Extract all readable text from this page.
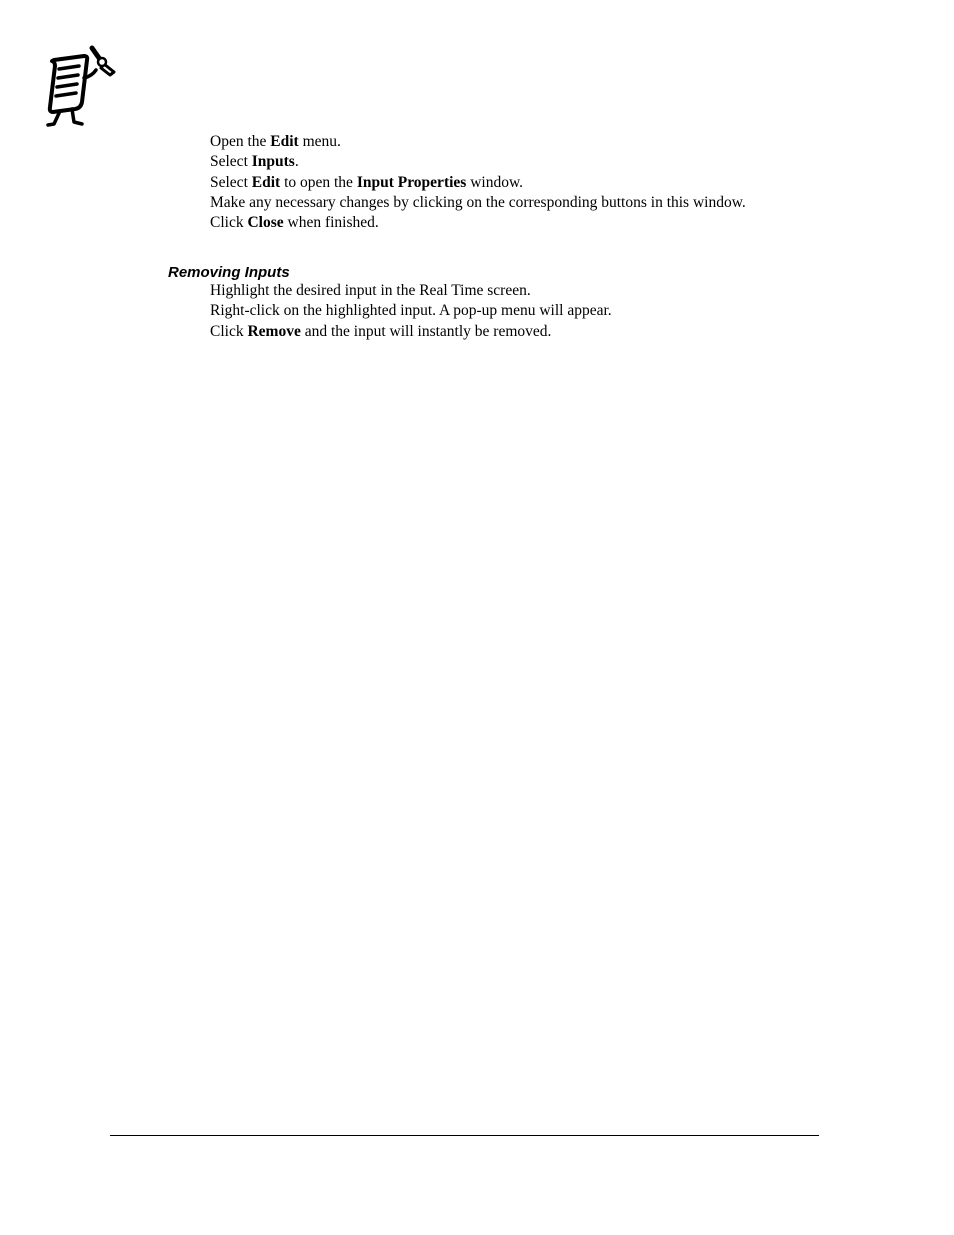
Open the Edit menu.
Select Inputs.
Select Edit to open the Input Properties window.
Make any necessary changes by clicking on the corresponding buttons in this window.
Click Close when finished.
Removing Inputs
Highlight the desired input in the Real Time screen.
Right-click on the highlighted input. A pop-up menu will appear.
Click Remove and the input will instantly be removed.
